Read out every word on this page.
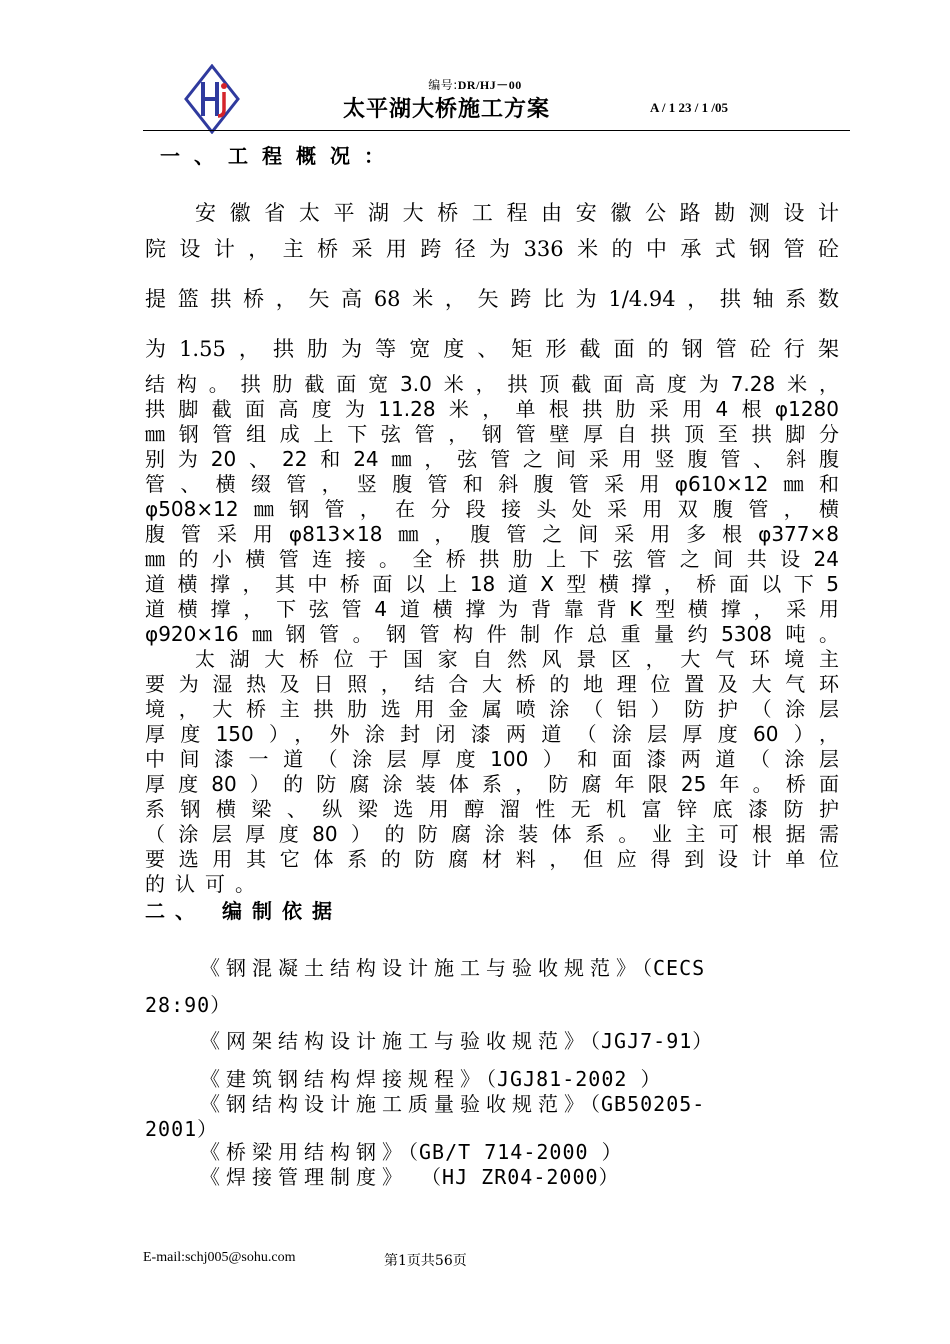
编号:DR/HJ－00
太平湖大桥施工方案	A / 1 23 / 1 /05
一、工程概况：
安徽省太平湖大桥工程由安徽公路勘测设计
院设计，主桥采用跨径为336米的中承式钢管砼
提篮拱桥，矢高68米，矢跨比为1/4.94，拱轴系数
为1.55，拱肋为等宽度、矩形截面的钢管砼行架
结构。拱肋截面宽3.0米，拱顶截面高度为7.28米，
拱脚截面高度为11.28米，单根拱肋采用4根φ1280
㎜钢管组成上下弦管，钢管壁厚自拱顶至拱脚分
别为20、22和24㎜，弦管之间采用竖腹管、斜腹
管、横缀管，竖腹管和斜腹管采用φ610×12㎜和
φ508×12㎜钢管，在分段接头处采用双腹管，横
腹管采用φ813×18㎜，腹管之间采用多根φ377×8
㎜的小横管连接。全桥拱肋上下弦管之间共设24
道横撑，其中桥面以上18道X型横撑，桥面以下5
道横撑，下弦管4道横撑为背靠背K型横撑，采用
φ920×16㎜钢管。钢管构件制作总重量约5308吨。
太湖大桥位于国家自然风景区，大气环境主
要为湿热及日照，结合大桥的地理位置及大气环
境，大桥主拱肋选用金属喷涂（铝）防护（涂层
厚度150），外涂封闭漆两道（涂层厚度60），
中间漆一道（涂层厚度100）和面漆两道（涂层
厚度80）的防腐涂装体系，防腐年限25年。桥面
系钢横梁、纵梁选用醇溜性无机富锌底漆防护
（涂层厚度80）的防腐涂装体系。业主可根据需
要选用其它体系的防腐材料，但应得到设计单位
的认可。
二、 编制依据
《钢混凝土结构设计施工与验收规范》（CECS
28:90）
《网架结构设计施工与验收规范》（JGJ7-91）
《建筑钢结构焊接规程》（JGJ81-2002 ）
《钢结构设计施工质量验收规范》（GB50205-
2001）
《桥梁用结构钢》（GB/T 714-2000 ）
《焊接管理制度》 （HJ ZR04-2000）
E-mail:schj005@sohu.com	第1页共56页
